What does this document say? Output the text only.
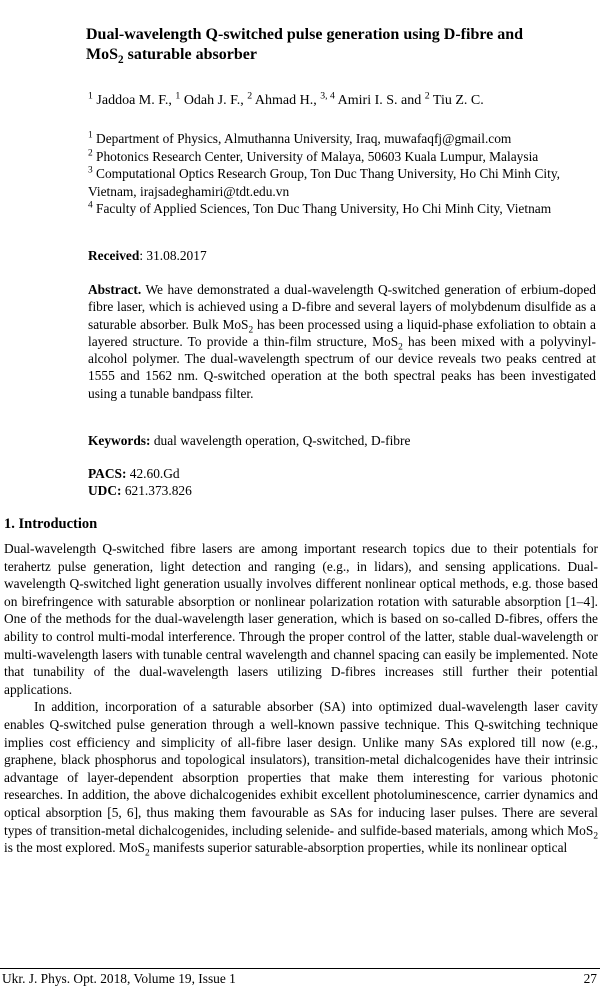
Dual-wavelength Q-switched pulse generation using D-fibre and
MoS$_2$ saturable absorber
$^1$ Jaddoa M. F., $^1$ Odah J. F., $^2$ Ahmad H., $^{3, 4}$ Amiri I. S. and $^2$ Tiu Z. C.
$^1$ Department of Physics, Almuthanna University, Iraq, muwafaqfj@gmail.com
$^2$ Photonics Research Center, University of Malaya, 50603 Kuala Lumpur, Malaysia
$^3$ Computational Optics Research Group, Ton Duc Thang University, Ho Chi Minh City, Vietnam, irajsadeghamiri@tdt.edu.vn
$^4$ Faculty of Applied Sciences, Ton Duc Thang University, Ho Chi Minh City, Vietnam
Received: 31.08.2017
Abstract. We have demonstrated a dual-wavelength Q-switched generation of erbium-doped fibre laser, which is achieved using a D-fibre and several layers of molybdenum disulfide as a saturable absorber. Bulk MoS$_2$ has been processed using a liquid-phase exfoliation to obtain a layered structure. To provide a thin-film structure, MoS$_2$ has been mixed with a polyvinyl-alcohol polymer. The dual-wavelength spectrum of our device reveals two peaks centred at 1555 and 1562 nm. Q-switched operation at the both spectral peaks has been investigated using a tunable bandpass filter.
Keywords: dual wavelength operation, Q-switched, D-fibre
PACS: 42.60.Gd
UDC: 621.373.826
1. Introduction

Dual-wavelength Q-switched fibre lasers are among important research topics due to their potentials for terahertz pulse generation, light detection and ranging (e.g., in lidars), and sensing applications. Dual-wavelength Q-switched light generation usually involves different nonlinear optical methods, e.g. those based on birefringence with saturable absorption or nonlinear polarization rotation with saturable absorption [1–4]. One of the methods for the dual-wavelength laser generation, which is based on so-called D-fibres, offers the ability to control multi-modal interference. Through the proper control of the latter, stable dual-wavelength or multi-wavelength lasers with tunable central wavelength and channel spacing can easily be implemented. Note that tunability of the dual-wavelength lasers utilizing D-fibres increases still further their potential applications.

In addition, incorporation of a saturable absorber (SA) into optimized dual-wavelength laser cavity enables Q-switched pulse generation through a well-known passive technique. This Q-switching technique implies cost efficiency and simplicity of all-fibre laser design. Unlike many SAs explored till now (e.g., graphene, black phosphorus and topological insulators), transition-metal dichalcogenides have their intrinsic advantage of layer-dependent absorption properties that make them interesting for various photonic researches. In addition, the above dichalcogenides exhibit excellent photoluminescence, carrier dynamics and optical absorption [5, 6], thus making them favourable as SAs for inducing laser pulses. There are several types of transition-metal dichalcogenides, including selenide- and sulfide-based materials, among which MoS$_2$ is the most explored. MoS$_2$ manifests superior saturable-absorption properties, while its nonlinear optical

Ukr. J. Phys. Opt. 2018, Volume 19, Issue 1	27
